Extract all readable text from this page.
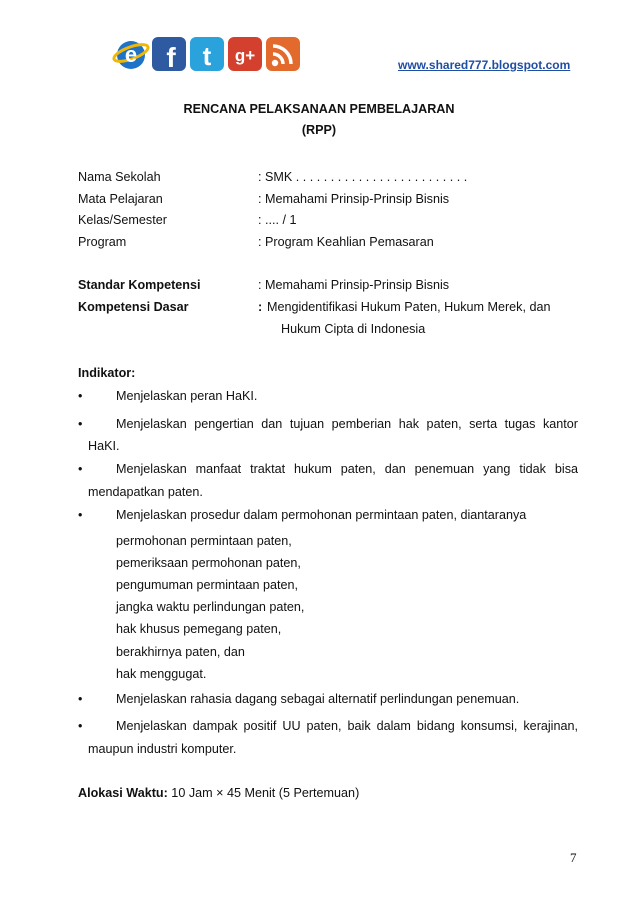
e f t g+	www.shared777.blogspot.com
RENCANA PELAKSANAAN PEMBELAJARAN
(RPP)
Nama Sekolah	: SMK . . . . . . . . . . . . . . . . . . . . . . . . .
Mata Pelajaran	: Memahami Prinsip-Prinsip Bisnis
Kelas/Semester	: .... / 1
Program	: Program Keahlian Pemasaran
Standar Kompetensi	: Memahami Prinsip-Prinsip Bisnis
Kompetensi Dasar	: Mengidentifikasi Hukum Paten, Hukum Merek, dan
Hukum Cipta di Indonesia
Indikator:
•	Menjelaskan peran HaKI.
•	Menjelaskan pengertian dan tujuan pemberian hak paten, serta tugas kantor
HaKI.
•	Menjelaskan manfaat traktat hukum paten, dan penemuan yang tidak bisa
mendapatkan paten.
•	Menjelaskan prosedur dalam permohonan permintaan paten, diantaranya
permohonan permintaan paten,
pemeriksaan permohonan paten,
pengumuman permintaan paten,
jangka waktu perlindungan paten,
hak khusus pemegang paten,
berakhirnya paten, dan
hak menggugat.
•	Menjelaskan rahasia dagang sebagai alternatif perlindungan penemuan.
•	Menjelaskan dampak positif UU paten, baik dalam bidang konsumsi, kerajinan,
maupun industri komputer.
Alokasi Waktu: 10 Jam × 45 Menit (5 Pertemuan)
7
